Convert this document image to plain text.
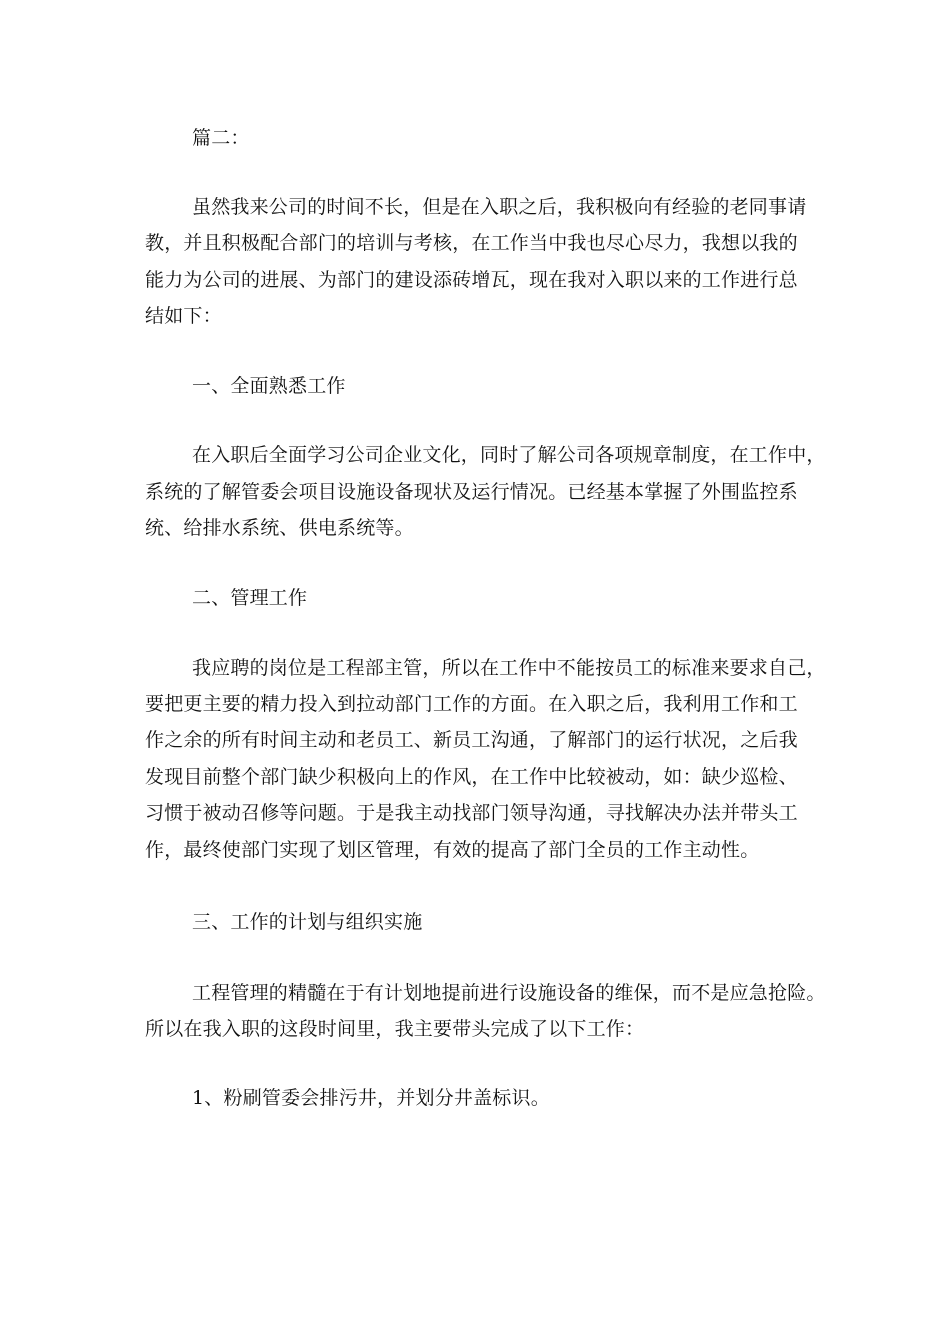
篇二：
虽然我来公司的时间不长，但是在入职之后，我积极向有经验的老同事请
教，并且积极配合部门的培训与考核，在工作当中我也尽心尽力，我想以我的
能力为公司的进展、为部门的建设添砖增瓦，现在我对入职以来的工作进行总
结如下：
一、全面熟悉工作
在入职后全面学习公司企业文化，同时了解公司各项规章制度，在工作中，
系统的了解管委会项目设施设备现状及运行情况。已经基本掌握了外围监控系
统、给排水系统、供电系统等。
二、管理工作
我应聘的岗位是工程部主管，所以在工作中不能按员工的标准来要求自己，
要把更主要的精力投入到拉动部门工作的方面。在入职之后，我利用工作和工
作之余的所有时间主动和老员工、新员工沟通，了解部门的运行状况，之后我
发现目前整个部门缺少积极向上的作风，在工作中比较被动，如：缺少巡检、
习惯于被动召修等问题。于是我主动找部门领导沟通，寻找解决办法并带头工
作，最终使部门实现了划区管理，有效的提高了部门全员的工作主动性。
三、工作的计划与组织实施
工程管理的精髓在于有计划地提前进行设施设备的维保，而不是应急抢险。
所以在我入职的这段时间里，我主要带头完成了以下工作：
1、粉刷管委会排污井，并划分井盖标识。
